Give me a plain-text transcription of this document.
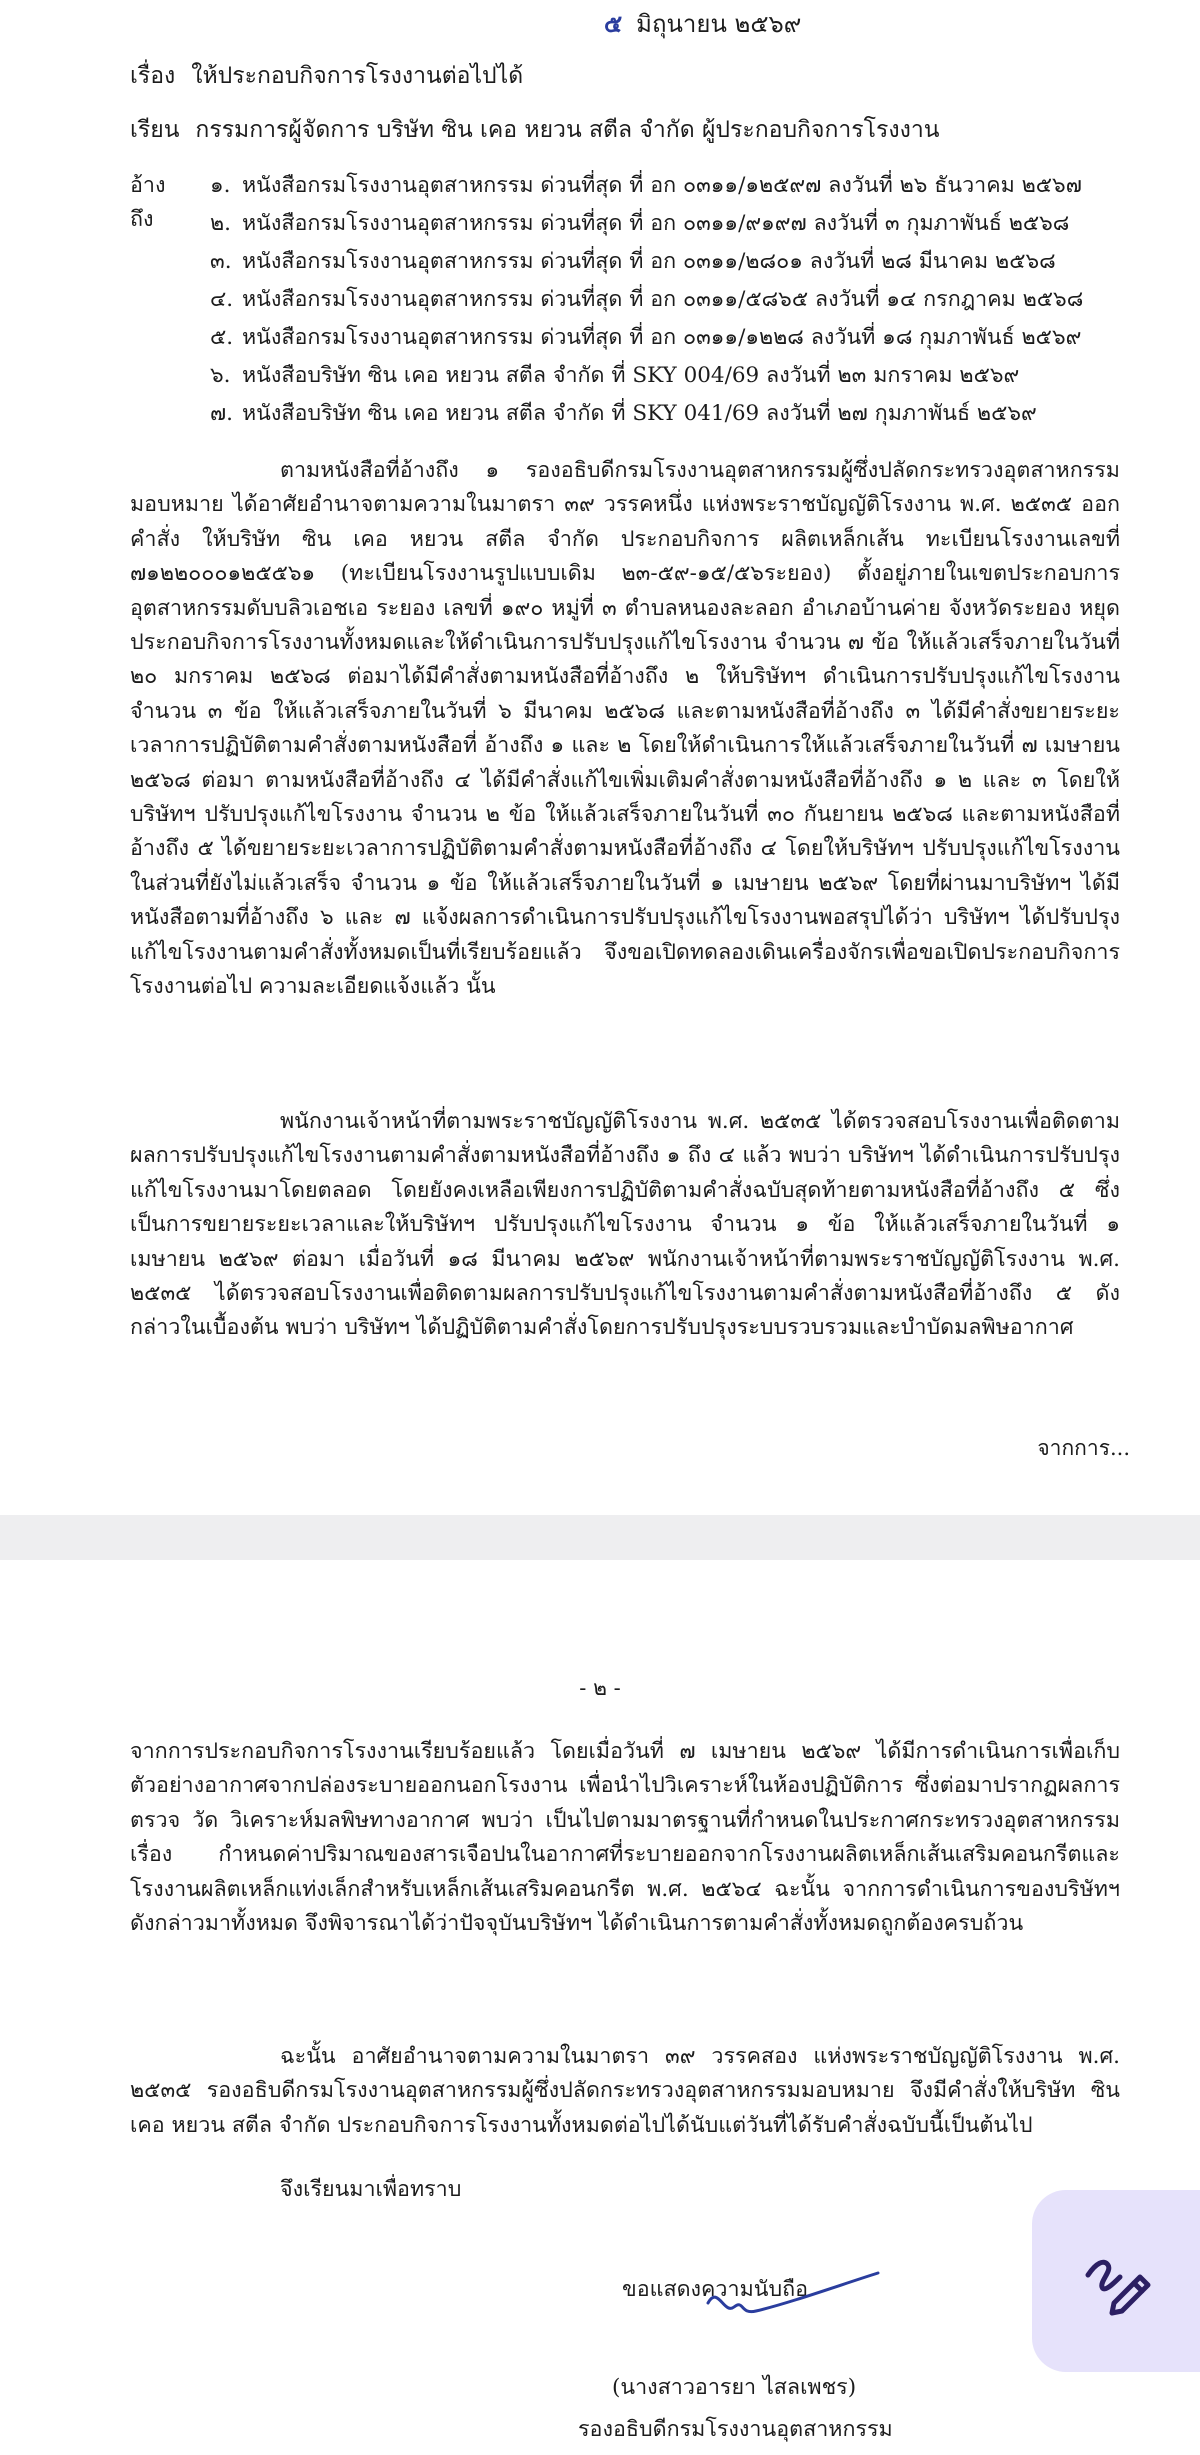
๕ มิถุนายน ๒๕๖๙
เรื่อง ให้ประกอบกิจการโรงงานต่อไปได้
เรียน กรรมการผู้จัดการ บริษัท ซิน เคอ หยวน สตีล จำกัด ผู้ประกอบกิจการโรงงาน
อ้างถึง
๑. หนังสือกรมโรงงานอุตสาหกรรม ด่วนที่สุด ที่ อก ๐๓๑๑/๑๒๕๙๗ ลงวันที่ ๒๖ ธันวาคม ๒๕๖๗
๒. หนังสือกรมโรงงานอุตสาหกรรม ด่วนที่สุด ที่ อก ๐๓๑๑/๙๑๙๗ ลงวันที่ ๓ กุมภาพันธ์ ๒๕๖๘
๓. หนังสือกรมโรงงานอุตสาหกรรม ด่วนที่สุด ที่ อก ๐๓๑๑/๒๘๐๑ ลงวันที่ ๒๘ มีนาคม ๒๕๖๘
๔. หนังสือกรมโรงงานอุตสาหกรรม ด่วนที่สุด ที่ อก ๐๓๑๑/๕๘๖๕ ลงวันที่ ๑๔ กรกฎาคม ๒๕๖๘
๕. หนังสือกรมโรงงานอุตสาหกรรม ด่วนที่สุด ที่ อก ๐๓๑๑/๑๒๒๘ ลงวันที่ ๑๘ กุมภาพันธ์ ๒๕๖๙
๖. หนังสือบริษัท ซิน เคอ หยวน สตีล จำกัด ที่ SKY 004/69 ลงวันที่ ๒๓ มกราคม ๒๕๖๙
๗. หนังสือบริษัท ซิน เคอ หยวน สตีล จำกัด ที่ SKY 041/69 ลงวันที่ ๒๗ กุมภาพันธ์ ๒๕๖๙
ตามหนังสือที่อ้างถึง ๑ รองอธิบดีกรมโรงงานอุตสาหกรรมผู้ซึ่งปลัดกระทรวงอุตสาหกรรมมอบหมาย ได้อาศัยอำนาจตามความในมาตรา ๓๙ วรรคหนึ่ง แห่งพระราชบัญญัติโรงงาน พ.ศ. ๒๕๓๕ ออกคำสั่ง ให้บริษัท ซิน เคอ หยวน สตีล จำกัด ประกอบกิจการ ผลิตเหล็กเส้น ทะเบียนโรงงานเลขที่ ๗๑๒๒๐๐๐๑๒๕๕๖๑ (ทะเบียนโรงงานรูปแบบเดิม ๒๓-๕๙-๑๕/๕๖ระยอง) ตั้งอยู่ภายในเขตประกอบการอุตสาหกรรมดับบลิวเอชเอ ระยอง เลขที่ ๑๙๐ หมู่ที่ ๓ ตำบลหนองละลอก อำเภอบ้านค่าย จังหวัดระยอง หยุดประกอบกิจการโรงงานทั้งหมดและให้ดำเนินการปรับปรุงแก้ไขโรงงาน จำนวน ๗ ข้อ ให้แล้วเสร็จภายในวันที่ ๒๐ มกราคม ๒๕๖๘ ต่อมาได้มีคำสั่งตามหนังสือที่อ้างถึง ๒ ให้บริษัทฯ ดำเนินการปรับปรุงแก้ไขโรงงาน จำนวน ๓ ข้อ ให้แล้วเสร็จภายในวันที่ ๖ มีนาคม ๒๕๖๘ และตามหนังสือที่อ้างถึง ๓ ได้มีคำสั่งขยายระยะเวลาการปฏิบัติตามคำสั่งตามหนังสือที่ อ้างถึง ๑ และ ๒ โดยให้ดำเนินการให้แล้วเสร็จภายในวันที่ ๗ เมษายน ๒๕๖๘ ต่อมา ตามหนังสือที่อ้างถึง ๔ ได้มีคำสั่งแก้ไขเพิ่มเติมคำสั่งตามหนังสือที่อ้างถึง ๑ ๒ และ ๓ โดยให้บริษัทฯ ปรับปรุงแก้ไขโรงงาน จำนวน ๒ ข้อ ให้แล้วเสร็จภายในวันที่ ๓๐ กันยายน ๒๕๖๘ และตามหนังสือที่อ้างถึง ๕ ได้ขยายระยะเวลาการปฏิบัติตามคำสั่งตามหนังสือที่อ้างถึง ๔ โดยให้บริษัทฯ ปรับปรุงแก้ไขโรงงานในส่วนที่ยังไม่แล้วเสร็จ จำนวน ๑ ข้อ ให้แล้วเสร็จภายในวันที่ ๑ เมษายน ๒๕๖๙ โดยที่ผ่านมาบริษัทฯ ได้มีหนังสือตามที่อ้างถึง ๖ และ ๗ แจ้งผลการดำเนินการปรับปรุงแก้ไขโรงงานพอสรุปได้ว่า บริษัทฯ ได้ปรับปรุงแก้ไขโรงงานตามคำสั่งทั้งหมดเป็นที่เรียบร้อยแล้ว จึงขอเปิดทดลองเดินเครื่องจักรเพื่อขอเปิดประกอบกิจการโรงงานต่อไป ความละเอียดแจ้งแล้ว นั้น
พนักงานเจ้าหน้าที่ตามพระราชบัญญัติโรงงาน พ.ศ. ๒๕๓๕ ได้ตรวจสอบโรงงานเพื่อติดตามผลการปรับปรุงแก้ไขโรงงานตามคำสั่งตามหนังสือที่อ้างถึง ๑ ถึง ๔ แล้ว พบว่า บริษัทฯ ได้ดำเนินการปรับปรุงแก้ไขโรงงานมาโดยตลอด โดยยังคงเหลือเพียงการปฏิบัติตามคำสั่งฉบับสุดท้ายตามหนังสือที่อ้างถึง ๕ ซึ่งเป็นการขยายระยะเวลาและให้บริษัทฯ ปรับปรุงแก้ไขโรงงาน จำนวน ๑ ข้อ ให้แล้วเสร็จภายในวันที่ ๑ เมษายน ๒๕๖๙ ต่อมา เมื่อวันที่ ๑๘ มีนาคม ๒๕๖๙ พนักงานเจ้าหน้าที่ตามพระราชบัญญัติโรงงาน พ.ศ. ๒๕๓๕ ได้ตรวจสอบโรงงานเพื่อติดตามผลการปรับปรุงแก้ไขโรงงานตามคำสั่งตามหนังสือที่อ้างถึง ๕ ดังกล่าวในเบื้องต้น พบว่า บริษัทฯ ได้ปฏิบัติตามคำสั่งโดยการปรับปรุงระบบรวบรวมและบำบัดมลพิษอากาศ
จากการ...
- ๒ -
จากการประกอบกิจการโรงงานเรียบร้อยแล้ว โดยเมื่อวันที่ ๗ เมษายน ๒๕๖๙ ได้มีการดำเนินการเพื่อเก็บตัวอย่างอากาศจากปล่องระบายออกนอกโรงงาน เพื่อนำไปวิเคราะห์ในห้องปฏิบัติการ ซึ่งต่อมาปรากฏผลการตรวจ วัด วิเคราะห์มลพิษทางอากาศ พบว่า เป็นไปตามมาตรฐานที่กำหนดในประกาศกระทรวงอุตสาหกรรม เรื่อง กำหนดค่าปริมาณของสารเจือปนในอากาศที่ระบายออกจากโรงงานผลิตเหล็กเส้นเสริมคอนกรีตและโรงงานผลิตเหล็กแท่งเล็กสำหรับเหล็กเส้นเสริมคอนกรีต พ.ศ. ๒๕๖๔ ฉะนั้น จากการดำเนินการของบริษัทฯ ดังกล่าวมาทั้งหมด จึงพิจารณาได้ว่าปัจจุบันบริษัทฯ ได้ดำเนินการตามคำสั่งทั้งหมดถูกต้องครบถ้วน
ฉะนั้น อาศัยอำนาจตามความในมาตรา ๓๙ วรรคสอง แห่งพระราชบัญญัติโรงงาน พ.ศ. ๒๕๓๕ รองอธิบดีกรมโรงงานอุตสาหกรรมผู้ซึ่งปลัดกระทรวงอุตสาหกรรมมอบหมาย จึงมีคำสั่งให้บริษัท ซิน เคอ หยวน สตีล จำกัด ประกอบกิจการโรงงานทั้งหมดต่อไปได้นับแต่วันที่ได้รับคำสั่งฉบับนี้เป็นต้นไป
จึงเรียนมาเพื่อทราบ
ขอแสดงความนับถือ
(นางสาวอารยา ไสลเพชร)
รองอธิบดีกรมโรงงานอุตสาหกรรม
